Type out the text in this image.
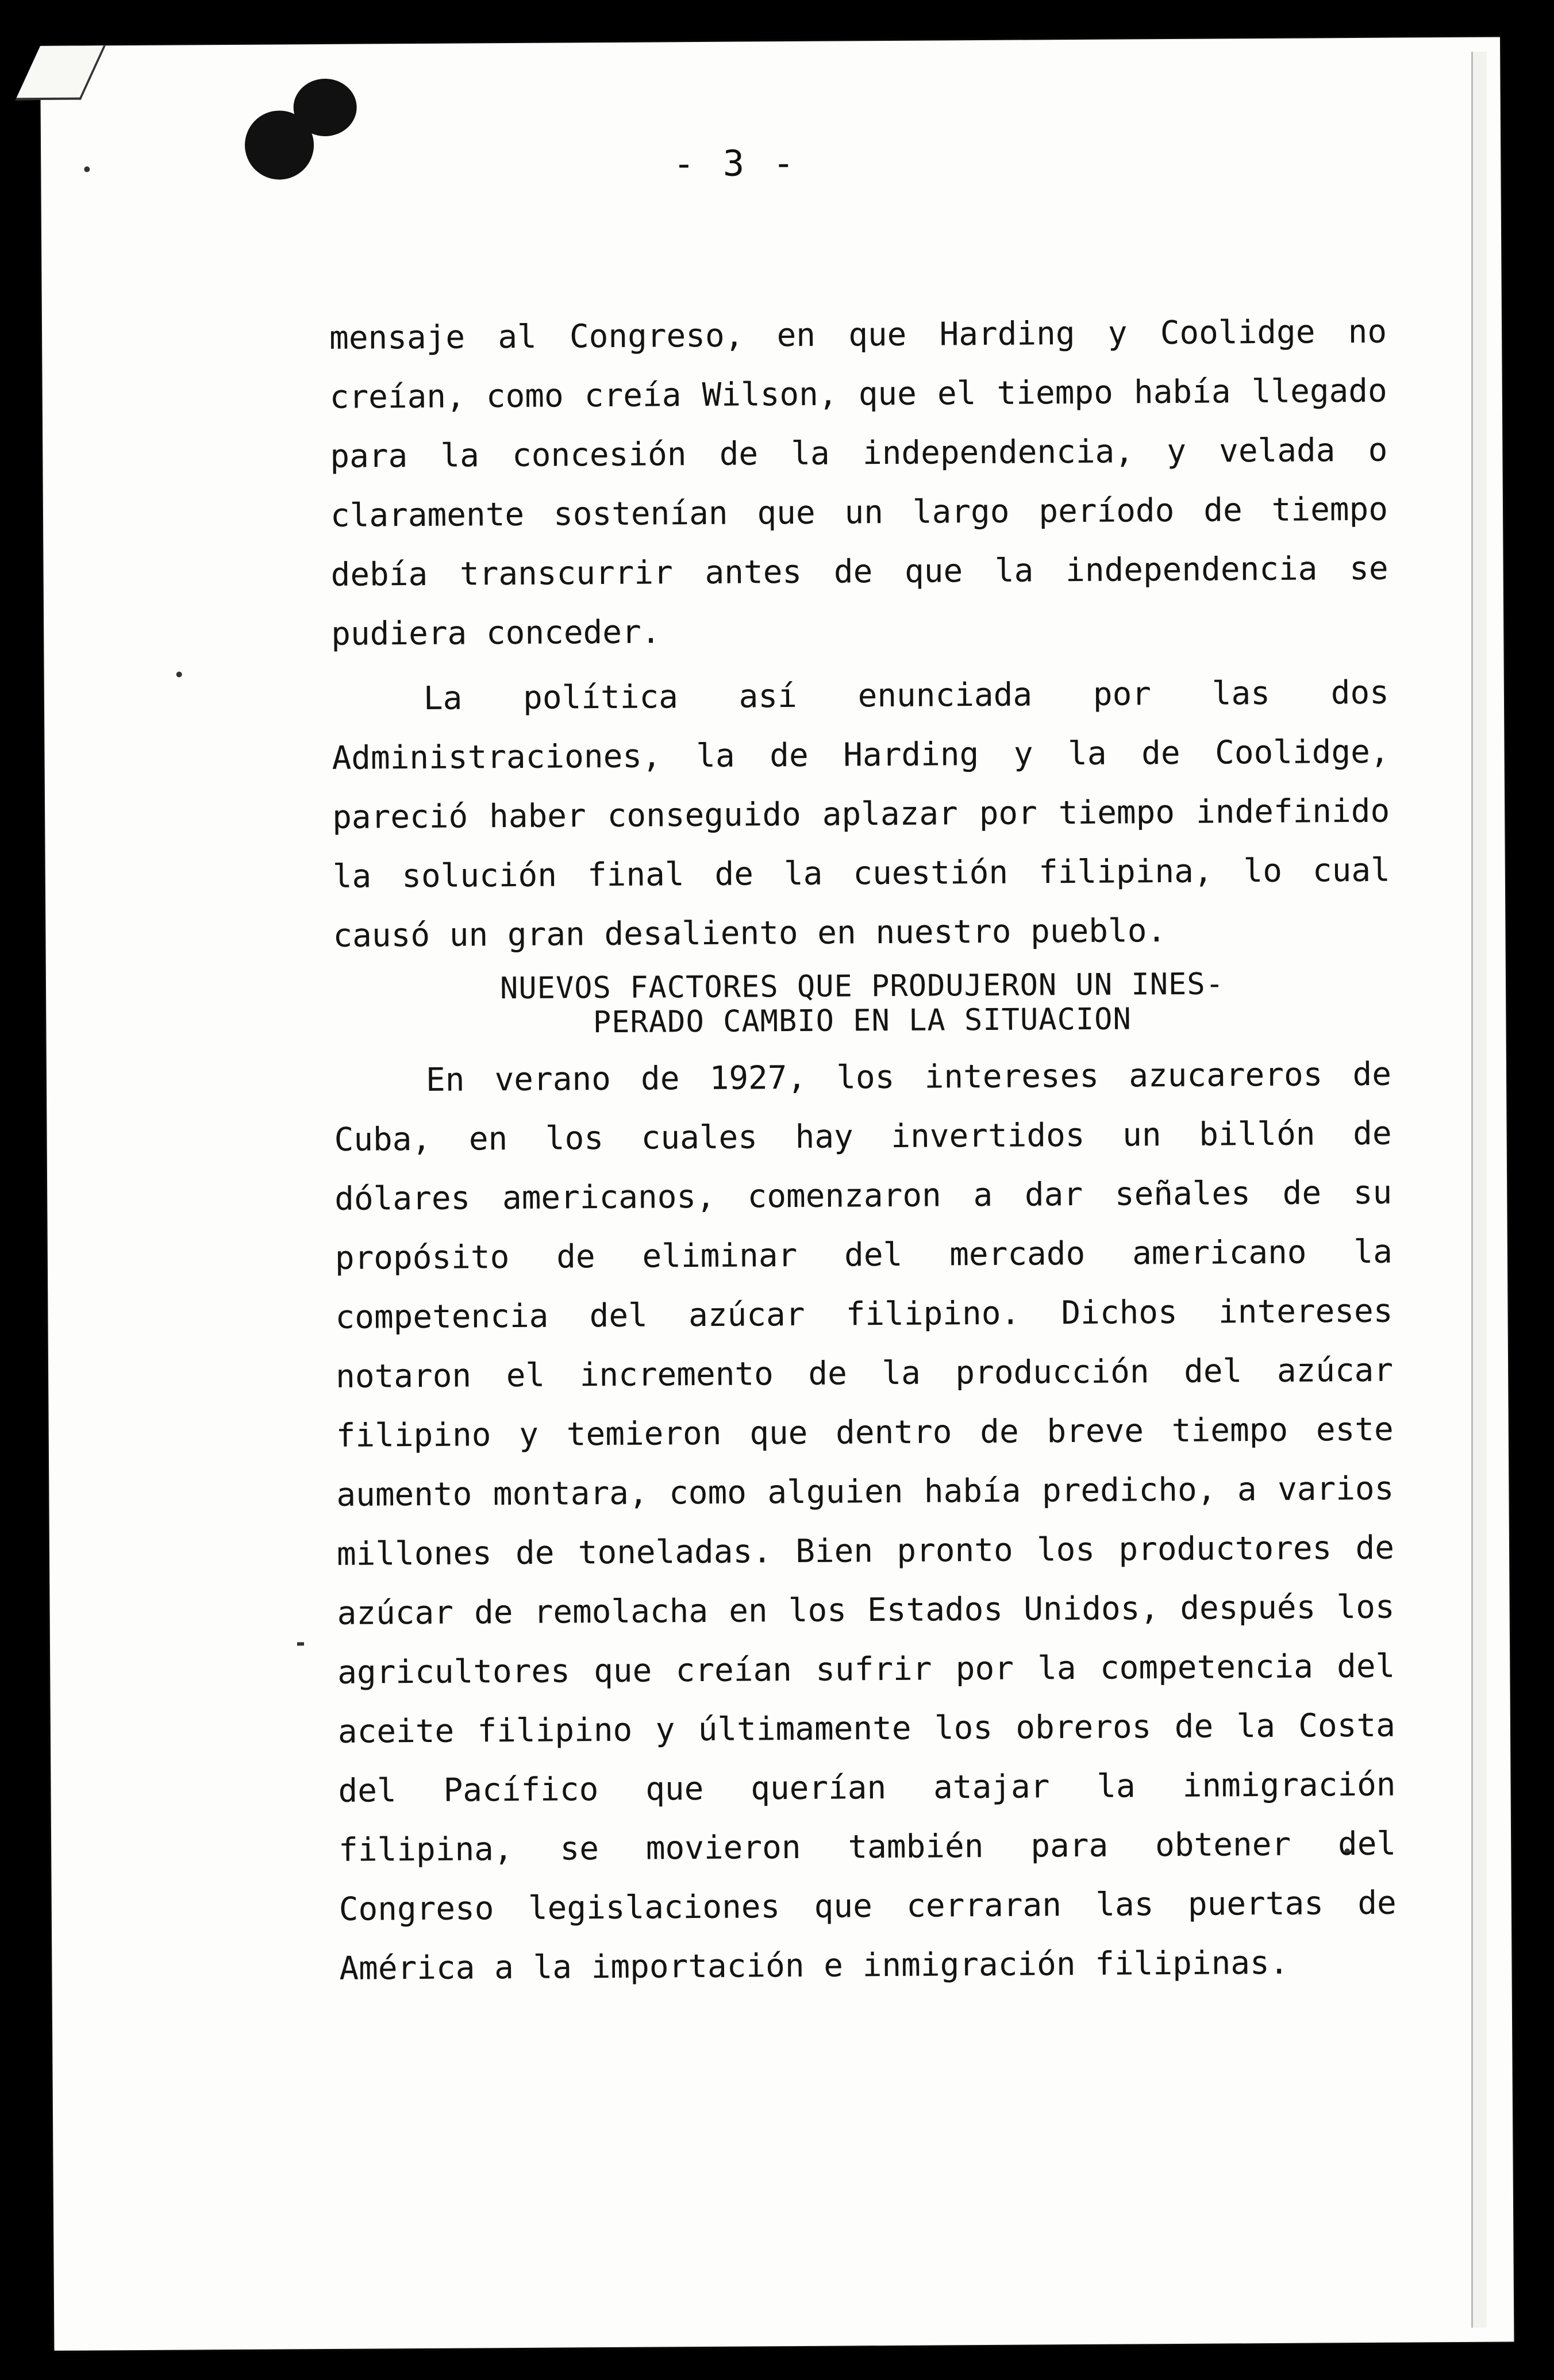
- 3 -
mensaje al Congreso, en que Harding y Coolidge no creían, como creía Wilson, que el tiempo había llegado para la concesión de la independencia, y velada o claramente sostenían que un largo período de tiempo debía transcurrir antes de que la independencia se pudiera conceder.
La política así enunciada por las dos Administraciones, la de Harding y la de Coolidge, pareció haber conseguido aplazar por tiempo indefinido la solución final de la cuestión filipina, lo cual causó un gran desaliento en nuestro pueblo.
NUEVOS FACTORES QUE PRODUJERON UN INES-
PERADO CAMBIO EN LA SITUACION
En verano de 1927, los intereses azucareros de Cuba, en los cuales hay invertidos un billón de dólares americanos, comenzaron a dar señales de su propósito de eliminar del mercado americano la competencia del azúcar filipino. Dichos intereses notaron el incremento de la producción del azúcar filipino y temieron que dentro de breve tiempo este aumento montara, como alguien había predicho, a varios millones de toneladas. Bien pronto los productores de azúcar de remolacha en los Estados Unidos, después los agricultores que creían sufrir por la competencia del aceite filipino y últimamente los obreros de la Costa del Pacífico que querían atajar la inmigración filipina, se movieron también para obtener del Congreso legislaciones que cerraran las puertas de América a la importación e inmigración filipinas.
